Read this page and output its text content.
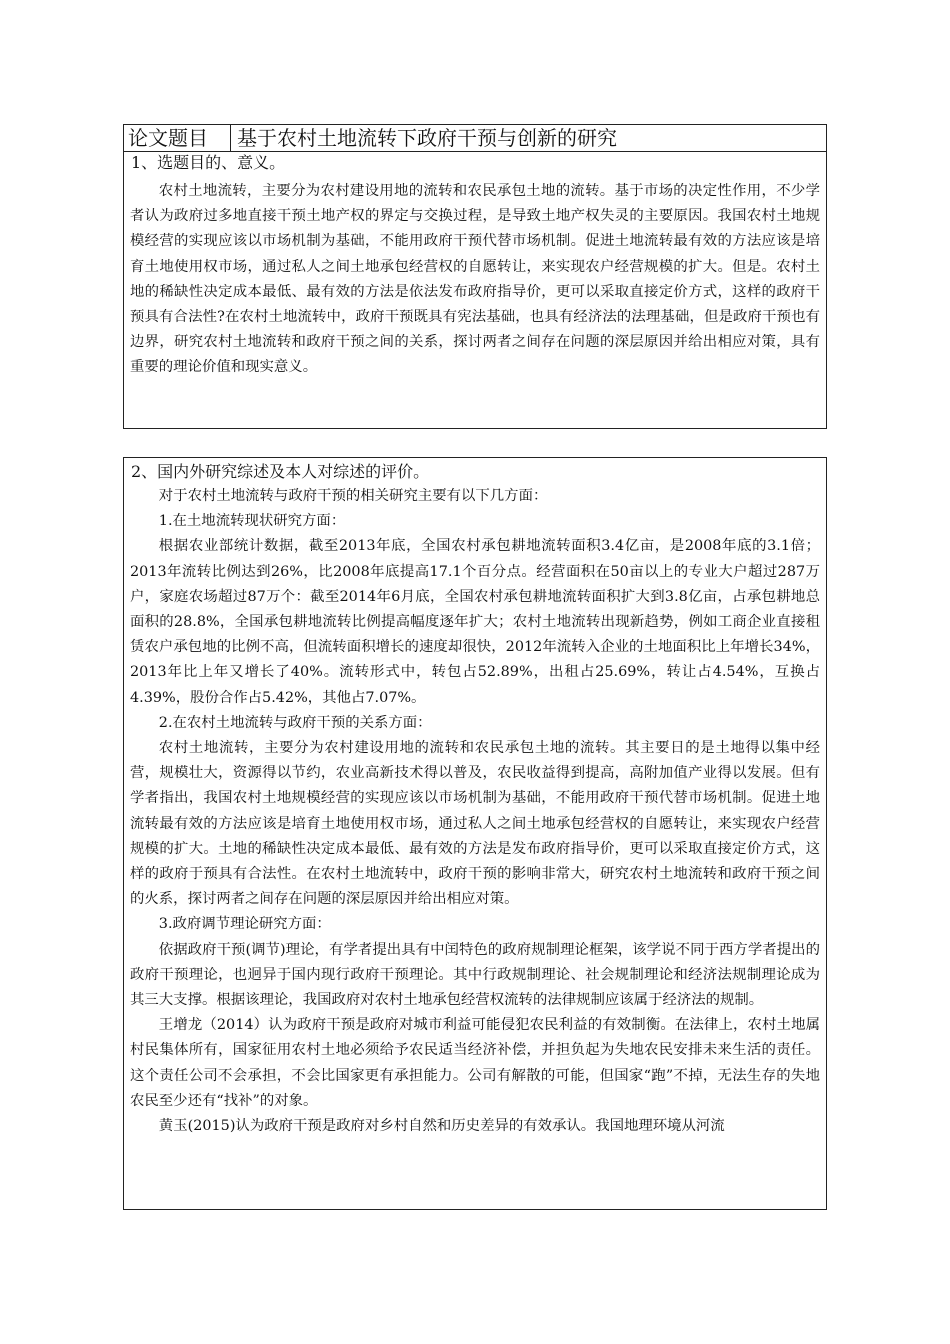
论文题目	基于农村土地流转下政府干预与创新的研究
1、选题目的、意义。

农村土地流转，主要分为农村建设用地的流转和农民承包土地的流转。基于市场的决定性作用，不少学者认为政府过多地直接干预土地产权的界定与交换过程，是导致土地产权失灵的主要原因。我国农村土地规模经营的实现应该以市场机制为基础，不能用政府干预代替市场机制。促进土地流转最有效的方法应该是培育土地使用权市场，通过私人之间土地承包经营权的自愿转让，来实现农户经营规模的扩大。但是。农村土地的稀缺性决定成本最低、最有效的方法是依法发布政府指导价，更可以采取直接定价方式，这样的政府干预具有合法性?在农村土地流转中，政府干预既具有宪法基础，也具有经济法的法理基础，但是政府干预也有边界，研究农村土地流转和政府干预之间的关系，探讨两者之间存在问题的深层原因并给出相应对策，具有重要的理论价值和现实意义。

2、国内外研究综述及本人对综述的评价。

对于农村土地流转与政府干预的相关研究主要有以下几方面：

1.在土地流转现状研究方面：

根据农业部统计数据，截至2013年底，全国农村承包耕地流转面积3.4亿亩，是2008年底的3.1倍；2013年流转比例达到26%，比2008年底提高17.1个百分点。经营面积在50亩以上的专业大户超过287万户，家庭农场超过87万个：截至2014年6月底，全国农村承包耕地流转面积扩大到3.8亿亩，占承包耕地总面积的28.8%，全国承包耕地流转比例提高幅度逐年扩大；农村土地流转出现新趋势，例如工商企业直接租赁农户承包地的比例不高，但流转面积增长的速度却很快，2012年流转入企业的土地面积比上年增长34%，2013年比上年又增长了40%。流转形式中，转包占52.89%，出租占25.69%，转让占4.54%，互换占4.39%，股份合作占5.42%，其他占7.07%。

2.在农村土地流转与政府干预的关系方面：

农村土地流转，主要分为农村建设用地的流转和农民承包土地的流转。其主要日的是土地得以集中经营，规模壮大，资源得以节约，农业高新技术得以普及，农民收益得到提高，高附加值产业得以发展。但有学者指出，我国农村土地规模经营的实现应该以市场机制为基础，不能用政府干预代替市场机制。促进土地流转最有效的方法应该是培育土地使用权市场，通过私人之间土地承包经营权的自愿转让，来实现农户经营规模的扩大。土地的稀缺性决定成本最低、最有效的方法是发布政府指导价，更可以采取直接定价方式，这样的政府于预具有合法性。在农村土地流转中，政府干预的影响非常大，研究农村土地流转和政府干预之间的火系，探讨两者之间存在问题的深层原因并给出相应对策。

3.政府调节理论研究方面：

依据政府干预(调节)理论，有学者提出具有中闰特色的政府规制理论框架，该学说不同于西方学者提出的政府干预理论，也迥异于国内现行政府干预理论。其中行政规制理论、社会规制理论和经济法规制理论成为其三大支撑。根据该理论，我国政府对农村土地承包经营权流转的法律规制应该属于经济法的规制。

王增龙（2014）认为政府干预是政府对城市利益可能侵犯农民利益的有效制衡。在法律上，农村土地属村民集体所有，国家征用农村土地必须给予农民适当经济补偿，并担负起为失地农民安排未来生活的责任。这个责任公司不会承担，不会比国家更有承担能力。公司有解散的可能，但国家“跑”不掉，无法生存的失地农民至少还有“找补”的对象。

黄玉(2015)认为政府干预是政府对乡村自然和历史差异的有效承认。我国地理环境从河流
